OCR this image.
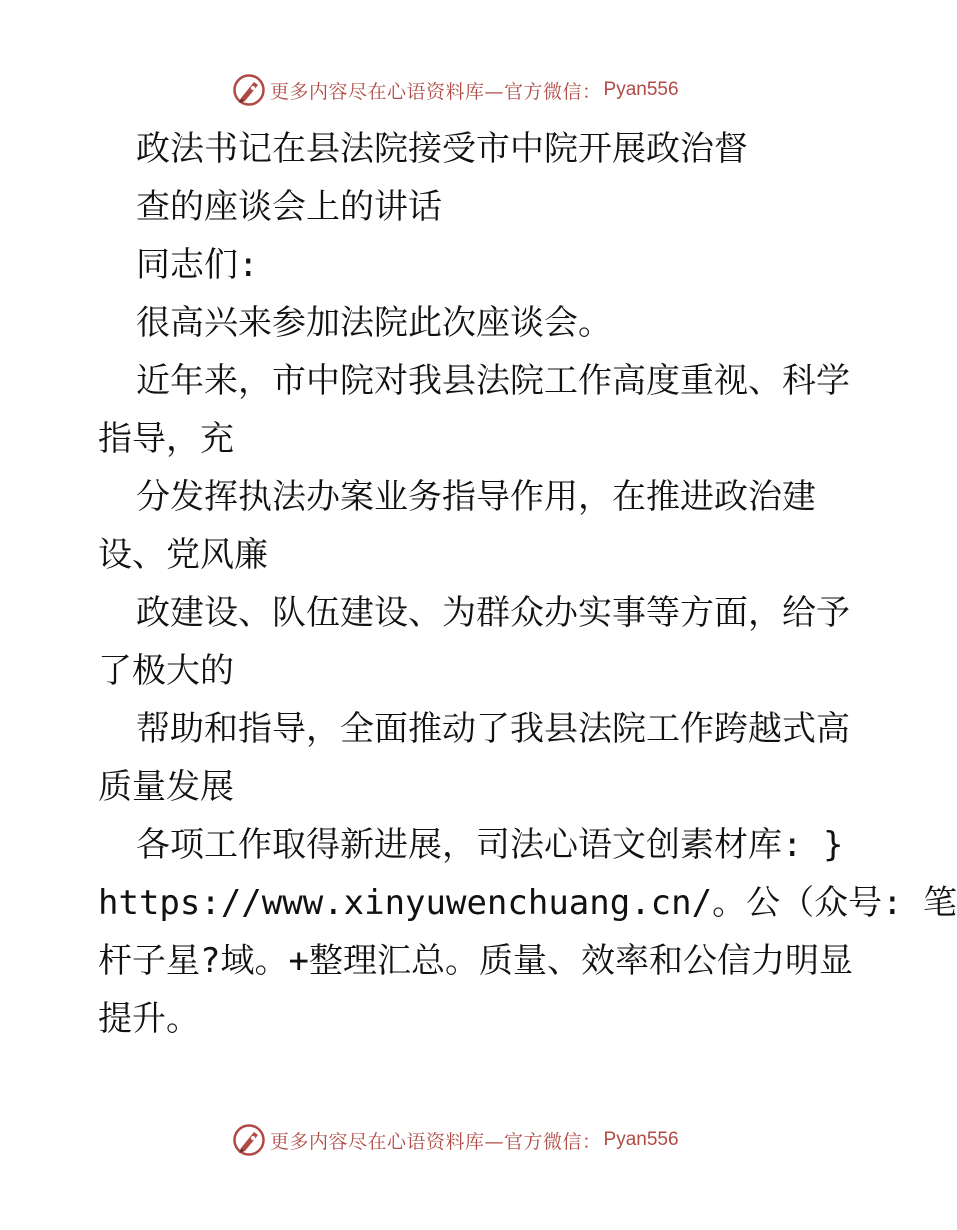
更多内容尽在心语资料库—官方微信： Pyan556
政法书记在县法院接受市中院开展政治督
查的座谈会上的讲话
同志们:
很高兴来参加法院此次座谈会。
近年来，市中院对我县法院工作高度重视、科学
指导，充
分发挥执法办案业务指导作用，在推进政治建
设、党风廉
政建设、队伍建设、为群众办实事等方面，给予
了极大的
帮助和指导，全面推动了我县法院工作跨越式高
质量发展
各项工作取得新进展，司法心语文创素材库: }
https://www.xinyuwenchuang.cn/。公（众号: 笔
杆子星?域。+整理汇总。质量、效率和公信力明显
提升。
更多内容尽在心语资料库—官方微信： Pyan556
